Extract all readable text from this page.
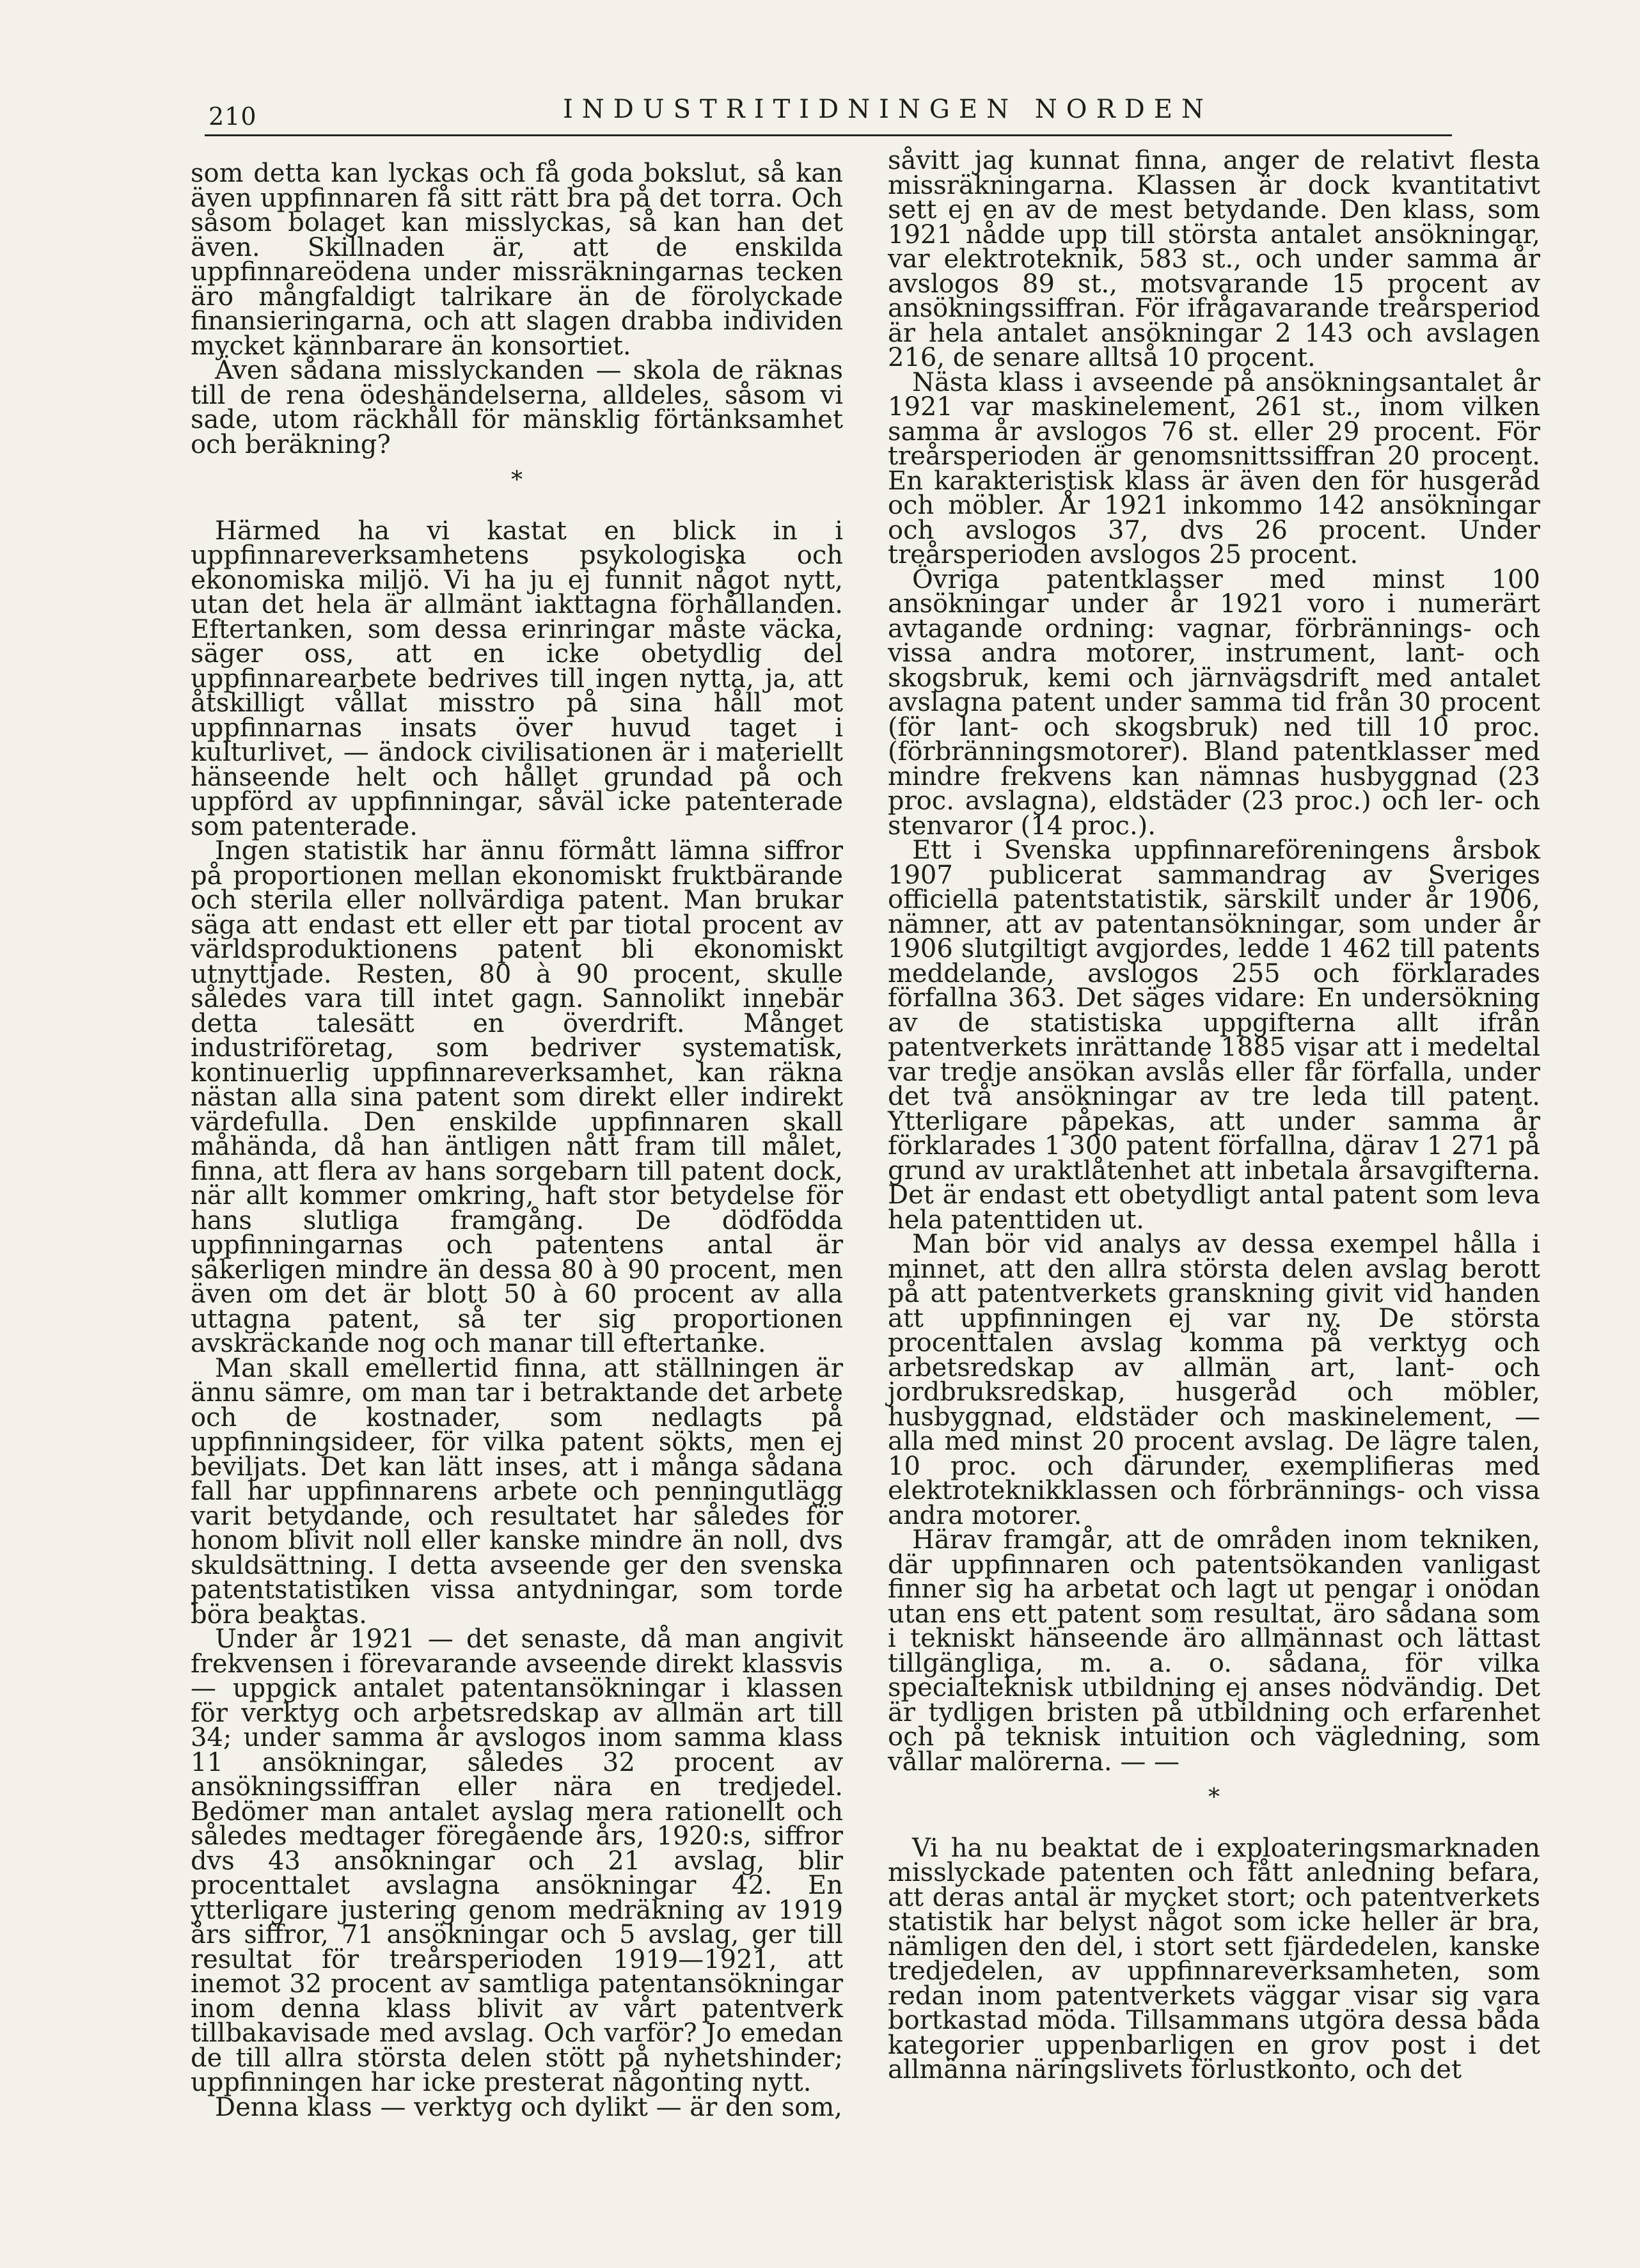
210	INDUSTRITIDNINGEN NORDEN

som detta kan lyckas och få goda bokslut, så kan även uppfinnaren få sitt rätt bra på det torra. Och såsom bolaget kan misslyckas, så kan han det även. Skillnaden är, att de enskilda uppfinnareödena under missräkningarnas tecken äro mångfaldigt talrikare än de förolyckade finansieringarna, och att slagen drabba individen mycket kännbarare än konsortiet.

Även sådana misslyckanden — skola de räknas till de rena ödeshändelserna, alldeles, såsom vi sade, utom räckhåll för mänsklig förtänksamhet och beräkning?

*

Härmed ha vi kastat en blick in i uppfinnareverksamhetens psykologiska och ekonomiska miljö. Vi ha ju ej funnit något nytt, utan det hela är allmänt iakttagna förhållanden. Eftertanken, som dessa erinringar måste väcka, säger oss, att en icke obetydlig del uppfinnarearbete bedrives till ingen nytta, ja, att åtskilligt vållat misstro på sina håll mot uppfinnarnas insats över huvud taget i kulturlivet, — ändock civilisationen är i materiellt hänseende helt och hållet grundad på och uppförd av uppfinningar, såväl icke patenterade som patenterade.

Ingen statistik har ännu förmått lämna siffror på proportionen mellan ekonomiskt fruktbärande och sterila eller nollvärdiga patent. Man brukar säga att endast ett eller ett par tiotal procent av världsproduktionens patent bli ekonomiskt utnyttjade. Resten, 80 à 90 procent, skulle således vara till intet gagn. Sannolikt innebär detta talesätt en överdrift. Månget industriföretag, som bedriver systematisk, kontinuerlig uppfinnareverksamhet, kan räkna nästan alla sina patent som direkt eller indirekt värdefulla. Den enskilde uppfinnaren skall måhända, då han äntligen nått fram till målet, finna, att flera av hans sorgebarn till patent dock, när allt kommer omkring, haft stor betydelse för hans slutliga framgång. De dödfödda uppfinningarnas och patentens antal är säkerligen mindre än dessa 80 à 90 procent, men även om det är blott 50 à 60 procent av alla uttagna patent, så ter sig proportionen avskräckande nog och manar till eftertanke.

Man skall emellertid finna, att ställningen är ännu sämre, om man tar i betraktande det arbete och de kostnader, som nedlagts på uppfinningsideer, för vilka patent sökts, men ej beviljats. Det kan lätt inses, att i många sådana fall har uppfinnarens arbete och penningutlägg varit betydande, och resultatet har således för honom blivit noll eller kanske mindre än noll, dvs skuldsättning. I detta avseende ger den svenska patentstatistiken vissa antydningar, som torde böra beaktas.

Under år 1921 — det senaste, då man angivit frekvensen i förevarande avseende direkt klassvis — uppgick antalet patentansökningar i klassen för verktyg och arbetsredskap av allmän art till 34; under samma år avslogos inom samma klass 11 ansökningar, således 32 procent av ansökningssiffran eller nära en tredjedel. Bedömer man antalet avslag mera rationellt och således medtager föregående års, 1920:s, siffror dvs 43 ansökningar och 21 avslag, blir procenttalet avslagna ansökningar 42. En ytterligare justering genom medräkning av 1919 års siffror, 71 ansökningar och 5 avslag, ger till resultat för treårsperioden 1919—1921, att inemot 32 procent av samtliga patentansökningar inom denna klass blivit av vårt patentverk tillbakavisade med avslag. Och varför? Jo emedan de till allra största delen stött på nyhetshinder; uppfinningen har icke presterat någonting nytt.

Denna klass — verktyg och dylikt — är den som,

såvitt jag kunnat finna, anger de relativt flesta missräkningarna. Klassen är dock kvantitativt sett ej en av de mest betydande. Den klass, som 1921 nådde upp till största antalet ansökningar, var elektroteknik, 583 st., och under samma år avslogos 89 st., motsvarande 15 procent av ansökningssiffran. För ifrågavarande treårsperiod är hela antalet ansökningar 2 143 och avslagen 216, de senare alltså 10 procent.

Nästa klass i avseende på ansökningsantalet år 1921 var maskinelement, 261 st., inom vilken samma år avslogos 76 st. eller 29 procent. För treårsperioden är genomsnittssiffran 20 procent. En karakteristisk klass är även den för husgeråd och möbler. År 1921 inkommo 142 ansökningar och avslogos 37, dvs 26 procent. Under treårsperioden avslogos 25 procent.

Övriga patentklasser med minst 100 ansökningar under år 1921 voro i numerärt avtagande ordning: vagnar, förbrännings- och vissa andra motorer, instrument, lant- och skogsbruk, kemi och järnvägsdrift med antalet avslagna patent under samma tid från 30 procent (för lant- och skogsbruk) ned till 10 proc. (förbränningsmotorer). Bland patentklasser med mindre frekvens kan nämnas husbyggnad (23 proc. avslagna), eldstäder (23 proc.) och ler- och stenvaror (14 proc.).

Ett i Svenska uppfinnareföreningens årsbok 1907 publicerat sammandrag av Sveriges officiella patentstatistik, särskilt under år 1906, nämner, att av patentansökningar, som under år 1906 slutgiltigt avgjordes, ledde 1 462 till patents meddelande, avslogos 255 och förklarades förfallna 363. Det säges vidare: En undersökning av de statistiska uppgifterna allt ifrån patentverkets inrättande 1885 visar att i medeltal var tredje ansökan avslås eller får förfalla, under det två ansökningar av tre leda till patent. Ytterligare påpekas, att under samma år förklarades 1 300 patent förfallna, därav 1 271 på grund av uraktlåtenhet att inbetala årsavgifterna. Det är endast ett obetydligt antal patent som leva hela patenttiden ut.

Man bör vid analys av dessa exempel hålla i minnet, att den allra största delen avslag berott på att patentverkets granskning givit vid handen att uppfinningen ej var ny. De största procenttalen avslag komma på verktyg och arbetsredskap av allmän art, lant- och jordbruksredskap, husgeråd och möbler, husbyggnad, eldstäder och maskinelement, — alla med minst 20 procent avslag. De lägre talen, 10 proc. och därunder, exemplifieras med elektroteknikklassen och förbrännings- och vissa andra motorer.

Härav framgår, att de områden inom tekniken, där uppfinnaren och patentsökanden vanligast finner sig ha arbetat och lagt ut pengar i onödan utan ens ett patent som resultat, äro sådana som i tekniskt hänseende äro allmännast och lättast tillgängliga, m. a. o. sådana, för vilka specialteknisk utbildning ej anses nödvändig. Det är tydligen bristen på utbildning och erfarenhet och på teknisk intuition och vägledning, som vållar malörerna. — —

*

Vi ha nu beaktat de i exploateringsmarknaden misslyckade patenten och fått anledning befara, att deras antal är mycket stort; och patentverkets statistik har belyst något som icke heller är bra, nämligen den del, i stort sett fjärdedelen, kanske tredjedelen, av uppfinnareverksamheten, som redan inom patentverkets väggar visar sig vara bortkastad möda. Tillsammans utgöra dessa båda kategorier uppenbarligen en grov post i det allmänna näringslivets förlustkonto, och det
